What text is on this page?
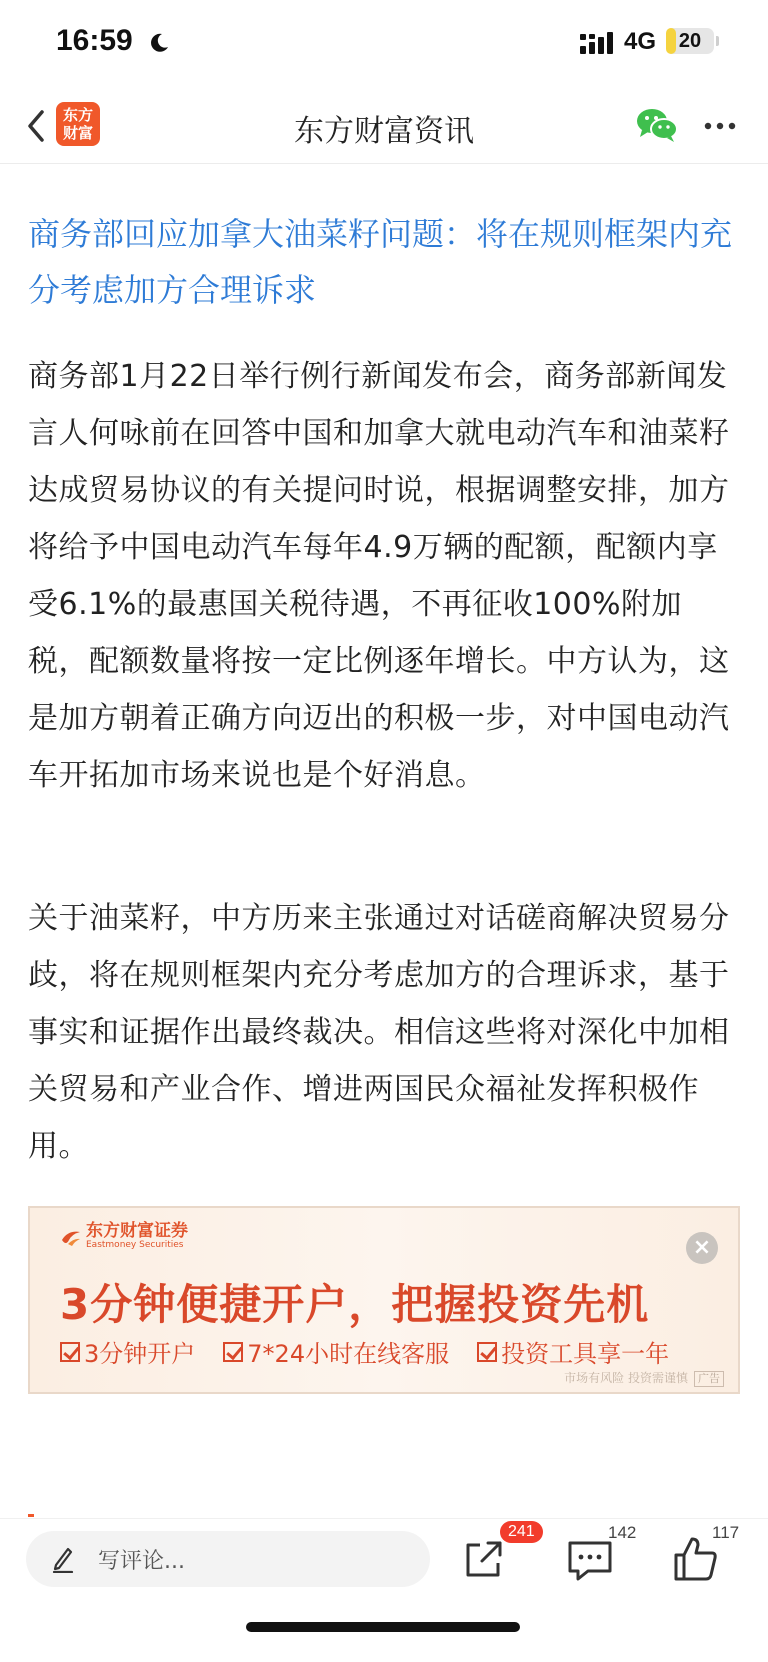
16:59	4G	20
东方
财富	东方财富资讯
商务部回应加拿大油菜籽问题：将在规则框架内充分考虑加方合理诉求
商务部1月22日举行例行新闻发布会，商务部新闻发言人何咏前在回答中国和加拿大就电动汽车和油菜籽达成贸易协议的有关提问时说，根据调整安排，加方将给予中国电动汽车每年4.9万辆的配额，配额内享受6.1%的最惠国关税待遇，不再征收100%附加税，配额数量将按一定比例逐年增长。中方认为，这是加方朝着正确方向迈出的积极一步，对中国电动汽车开拓加市场来说也是个好消息。
关于油菜籽，中方历来主张通过对话磋商解决贸易分歧，将在规则框架内充分考虑加方的合理诉求，基于事实和证据作出最终裁决。相信这些将对深化中加相关贸易和产业合作、增进两国民众福祉发挥积极作用。
东方财富证券
Eastmoney Securities	×
3分钟便捷开户，把握投资先机
3分钟开户 7*24小时在线客服 投资工具享一年
市场有风险 投资需谨慎 广告
写评论...
241	142	117
